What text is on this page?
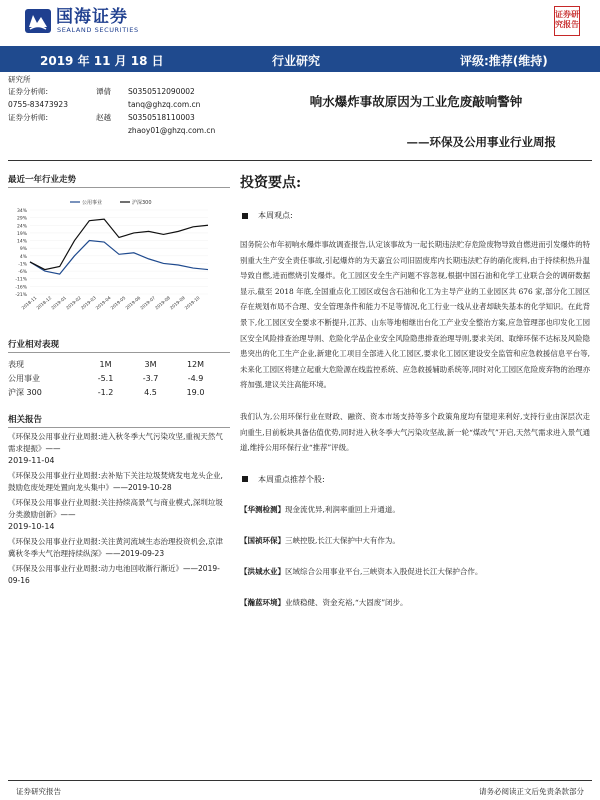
国海证券
SEALAND SECURITIES
证券研究报告
2019 年 11 月 18 日	行业研究	评级:推荐(维持)
研究所
证券分析师:	谭倩	S0350512090002
0755-83473923	tanq@ghzq.com.cn
证券分析师:	赵越	S0350518110003
zhaoy01@ghzq.com.cn
最近一年行业走势
34%
29%
24%
19%
14%
9%
4%
-1%
-6%
-11%
-16%
-21%
2018-11
2018-12
2019-01
2019-02
2019-03
2019-04
2019-05
2019-06
2019-07
2019-08
2019-09
2019-10
公用事业	沪深300
行业相对表现
表现	1M	3M	12M
公用事业	-5.1	-3.7	-4.9
沪深 300	-1.2	4.5	19.0
相关报告
《环保及公用事业行业周报:进入秋冬季大气污染攻坚,重视天然气需求提振》——
2019-11-04
《环保及公用事业行业周报:去补贴下关注垃圾焚烧发电龙头企业,鼓励危废处理处置向龙头集中》——2019-10-28
《环保及公用事业行业周报:关注持续高景气与商业模式,深圳垃圾分类激励创新》——
2019-10-14
《环保及公用事业行业周报:关注黄河流域生态治理投资机会,京津冀秋冬季大气治理持续纵深》——2019-09-23
《环保及公用事业行业周报:动力电池回收渐行渐近》——2019-09-16
响水爆炸事故原因为工业危废敲响警钟
——环保及公用事业行业周报
投资要点:
本周观点:
国务院公布年初响水爆炸事故调查报告,认定该事故为一起长期违法贮存危险废物导致自燃进而引发爆炸的特别重大生产安全责任事故,引起爆炸的为天嘉宜公司旧固废库内长期违法贮存的硝化废料,由于持续积热升温导致自燃,进而燃烧引发爆炸。化工园区安全生产问题不容忽视,根据中国石油和化学工业联合会的调研数据显示,截至 2018 年底,全国重点化工园区或包含石油和化工为主导产业的工业园区共 676 家,部分化工园区存在规划布局不合理、安全管理条件和能力不足等情况,化工行业一线从业者却缺失基本的化学知识。在此背景下,化工园区安全要求不断提升,江苏、山东等地相继出台化工产业安全整治方案,应急管理部也印发化工园区安全风险排查治理导则、危险化学品企业安全风险隐患排查治理导则,要求关闭、取缔环保不达标及风险隐患突出的化工生产企业,新建化工项目全部进入化工园区,要求化工园区建设安全监管和应急救援信息平台等,未来化工园区将建立起重大危险源在线监控系统、应急救援辅助系统等,同时对化工园区危险废弃物的治理亦将加强,建议关注高能环境。
我们认为,公用环保行业在财政、融资、资本市场支持等多个政策角度均有望迎来利好,支持行业由深层次走向重生,目前板块具备估值优势,同时进入秋冬季大气污染攻坚战,新一轮“煤改气”开启,天然气需求进入景气通道,维持公用环保行业“推荐”评级。
本周重点推荐个股:
【华测检测】现金流优异,利润率重回上升通道。
【国祯环保】三峡控股,长江大保护中大有作为。
【洪城水业】区域综合公用事业平台,三峡资本入股促进长江大保护合作。
【瀚蓝环境】业绩稳健、资金充裕,“大固废”闭步。
证券研究报告	请务必阅读正文后免责条款部分
